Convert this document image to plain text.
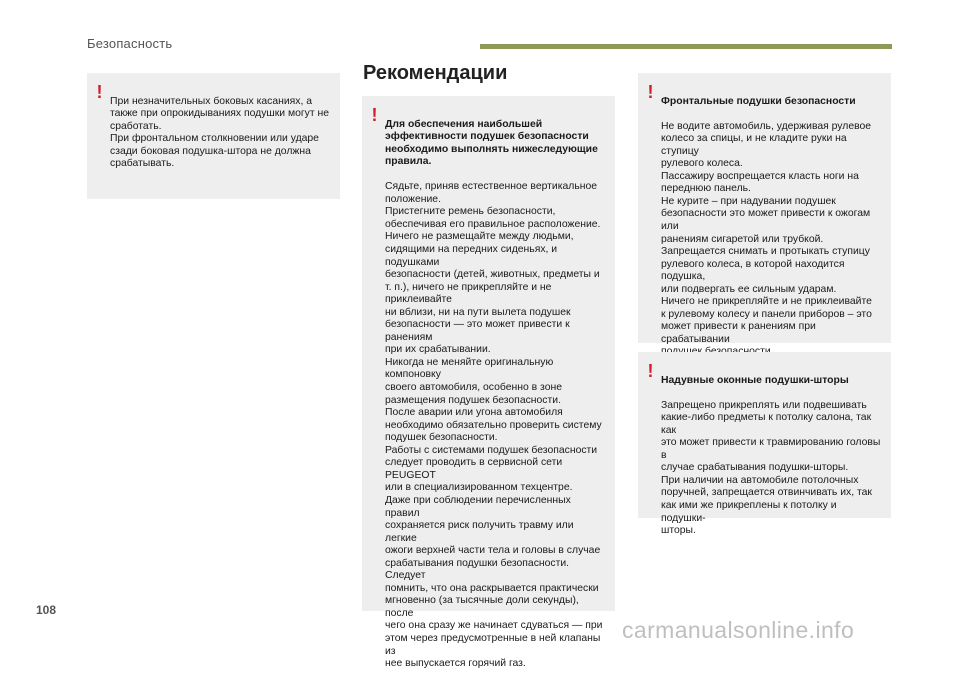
Безопасность
Рекомендации
! При незначительных боковых касаниях, а
также при опрокидываниях подушки могут не
сработать.
При фронтальном столкновении или ударе
сзади боковая подушка-штора не должна
срабатывать.

! Для обеспечения наибольшей
эффективности подушек безопасности
необходимо выполнять нижеследующие
правила.

Сядьте, приняв естественное вертикальное
положение.
Пристегните ремень безопасности,
обеспечивая его правильное расположение.
Ничего не размещайте между людьми,
сидящими на передних сиденьях, и подушками
безопасности (детей, животных, предметы и
т. п.), ничего не прикрепляйте и не приклеивайте
ни вблизи, ни на пути вылета подушек
безопасности — это может привести к ранениям
при их срабатывании.
Никогда не меняйте оригинальную компоновку
своего автомобиля, особенно в зоне
размещения подушек безопасности.
После аварии или угона автомобиля
необходимо обязательно проверить систему
подушек безопасности.
Работы с системами подушек безопасности
следует проводить в сервисной сети PEUGEOT
или в специализированном техцентре.
Даже при соблюдении перечисленных правил
сохраняется риск получить травму или легкие
ожоги верхней части тела и головы в случае
срабатывания подушки безопасности. Следует
помнить, что она раскрывается практически
мгновенно (за тысячные доли секунды), после
чего она сразу же начинает сдуваться — при
этом через предусмотренные в ней клапаны из
нее выпускается горячий газ.

! Фронтальные подушки безопасности

Не водите автомобиль, удерживая рулевое
колесо за спицы, и не кладите руки на ступицу
рулевого колеса.
Пассажиру воспрещается класть ноги на
переднюю панель.
Не курите – при надувании подушек
безопасности это может привести к ожогам или
ранениям сигаретой или трубкой.
Запрещается снимать и протыкать ступицу
рулевого колеса, в которой находится подушка,
или подвергать ее сильным ударам.
Ничего не прикрепляйте и не приклеивайте
к рулевому колесу и панели приборов – это
может привести к ранениям при срабатывании

! Надувные оконные подушки-шторы

Запрещено прикреплять или подвешивать
какие-либо предметы к потолку салона, так как
это может привести к травмированию головы в
случае срабатывания подушки-шторы.
При наличии на автомобиле потолочных
поручней, запрещается отвинчивать их, так
как ими же прикреплены к потолку и подушки-
шторы.

108
carmanualsonline.info
